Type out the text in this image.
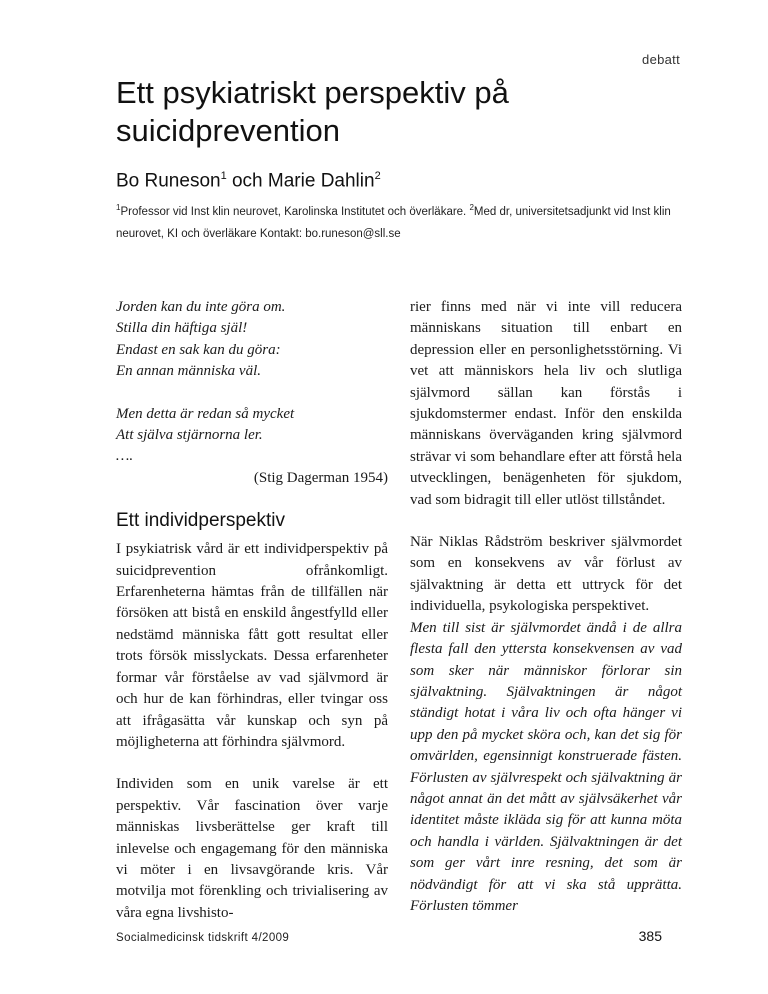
debatt
Ett psykiatriskt perspektiv på suicidprevention

Bo Runeson$^1$ och Marie Dahlin$^2$

$^1$Professor vid Inst klin neurovet, Karolinska Institutet och överläkare. $^2$Med dr, universitetsadjunkt vid Inst klin neurovet, KI och överläkare Kontakt: bo.runeson@sll.se
Jorden kan du inte göra om.
Stilla din häftiga själ!
Endast en sak kan du göra:
En annan människa väl.
Men detta är redan så mycket
Att själva stjärnorna ler.
….
(Stig Dagerman 1954)
Ett individperspektiv

I psykiatrisk vård är ett individperspektiv på suicidprevention ofrånkomligt. Erfarenheterna hämtas från de tillfällen när försöken att bistå en enskild ångestfylld eller nedstämd människa fått gott resultat eller trots försök misslyckats. Dessa erfarenheter formar vår förståelse av vad självmord är och hur de kan förhindras, eller tvingar oss att ifrågasätta vår kunskap och syn på möjligheterna att förhindra självmord.

Individen som en unik varelse är ett perspektiv. Vår fascination över varje människas livsberättelse ger kraft till inlevelse och engagemang för den människa vi möter i en livsavgörande kris. Vår motvilja mot förenkling och trivialisering av våra egna livshisto-

rier finns med när vi inte vill reducera människans situation till enbart en depression eller en personlighetsstörning. Vi vet att människors hela liv och slutliga självmord sällan kan förstås i sjukdomstermer endast. Inför den enskilda människans överväganden kring självmord strävar vi som behandlare efter att förstå hela utvecklingen, benägenheten för sjukdom, vad som bidragit till eller utlöst tillståndet.

När Niklas Rådström beskriver självmordet som en konsekvens av vår förlust av självaktning är detta ett uttryck för det individuella, psykologiska perspektivet.

Men till sist är självmordet ändå i de allra flesta fall den yttersta konsekvensen av vad som sker när människor förlorar sin självaktning. Självaktningen är något ständigt hotat i våra liv och ofta hänger vi upp den på mycket sköra och, kan det sig för omvärlden, egensinnigt konstruerade fästen. Förlusten av självrespekt och självaktning är något annat än det mått av självsäkerhet vår identitet måste ikläda sig för att kunna möta och handla i världen. Självaktningen är det som ger vårt inre resning, det som är nödvändigt för att vi ska stå upprätta. Förlusten tömmer

Socialmedicinsk tidskrift 4/2009	385
